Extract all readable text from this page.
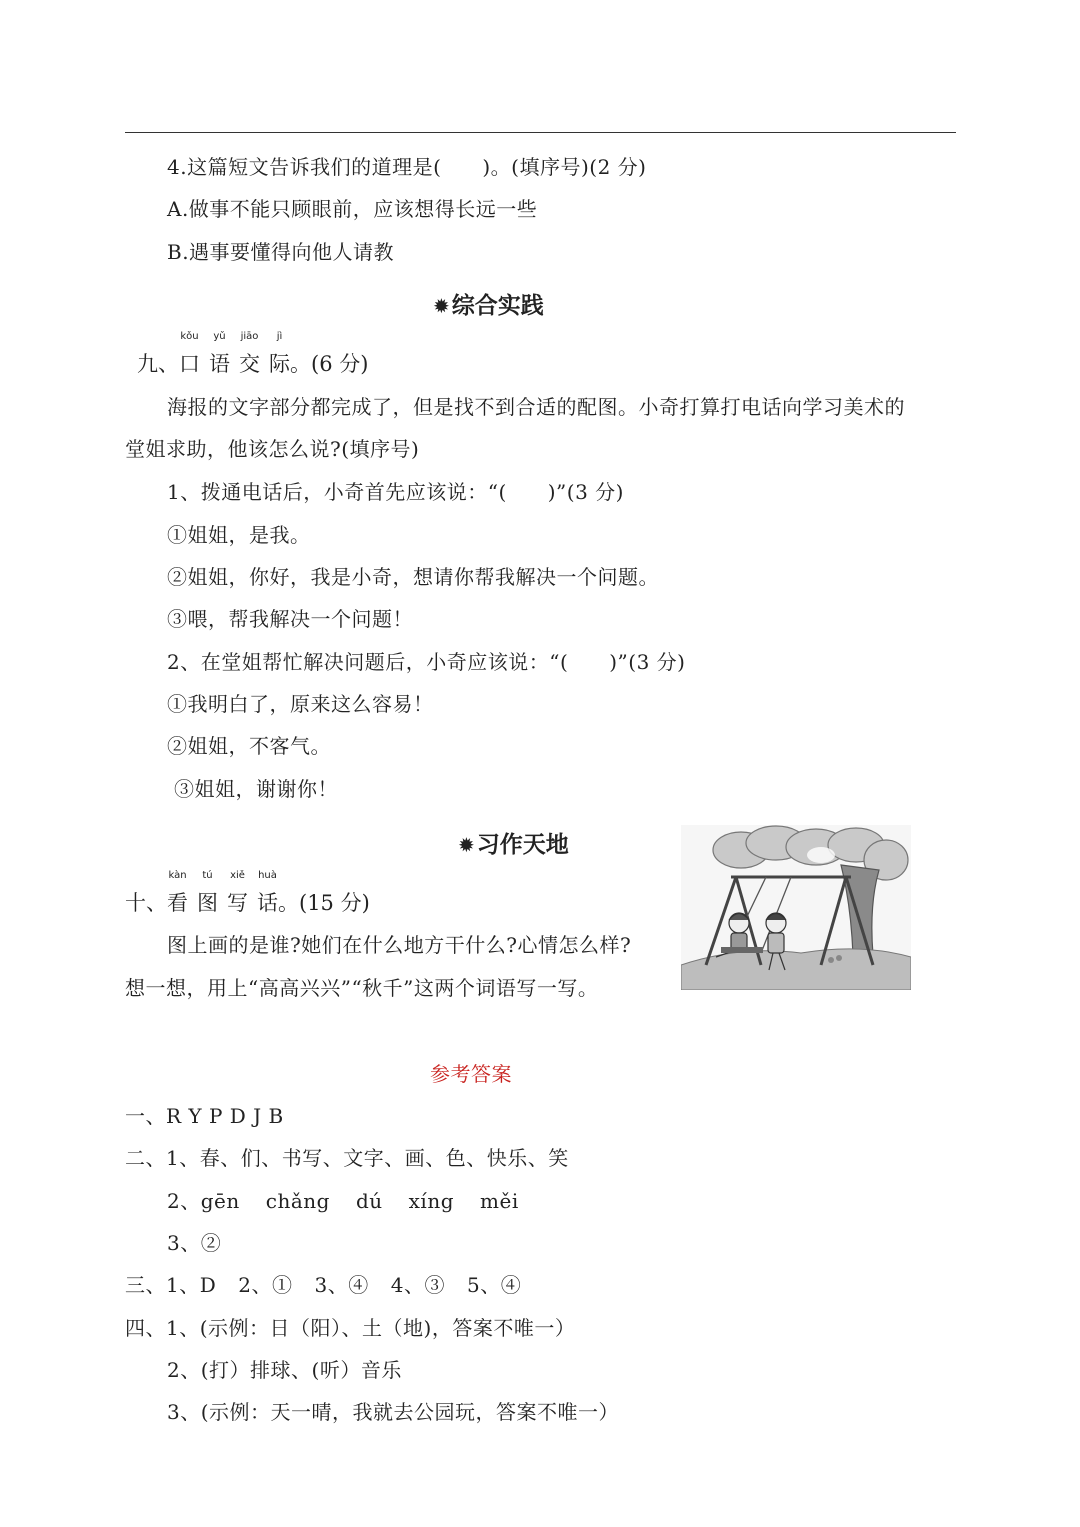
4.这篇短文告诉我们的道理是(　　)。(填序号)(2 分)
A.做事不能只顾眼前，应该想得长远一些
B.遇事要懂得向他人请教
✹综合实践
九、
kǒu
口
yǔ
语
jiāo
交
jì
际。(6 分)
海报的文字部分都完成了，但是找不到合适的配图。小奇打算打电话向学习美术的
堂姐求助，他该怎么说?(填序号)
1、拨通电话后，小奇首先应该说：“(　　)”(3 分)
①姐姐，是我。
②姐姐，你好，我是小奇，想请你帮我解决一个问题。
③喂，帮我解决一个问题！
2、在堂姐帮忙解决问题后，小奇应该说：“(　　)”(3 分)
①我明白了，原来这么容易！
②姐姐，不客气。
③姐姐，谢谢你！
✹习作天地
十、
kàn
看
tú
图
xiě
写
huà
话。(15 分)
图上画的是谁?她们在什么地方干什么?心情怎么样?
想一想，用上“高高兴兴”“秋千”这两个词语写一写。
参考答案
一、R Y P D J B
二、1、春、们、书写、文字、画、色、快乐、笑
2、gēn chǎng dú xíng měi
3、②
三、1、D 2、① 3、④ 4、③ 5、④
四、1、(示例：日（阳）、土（地)，答案不唯一）
2、(打）排球、(听）音乐
3、(示例：天一晴，我就去公园玩，答案不唯一）
